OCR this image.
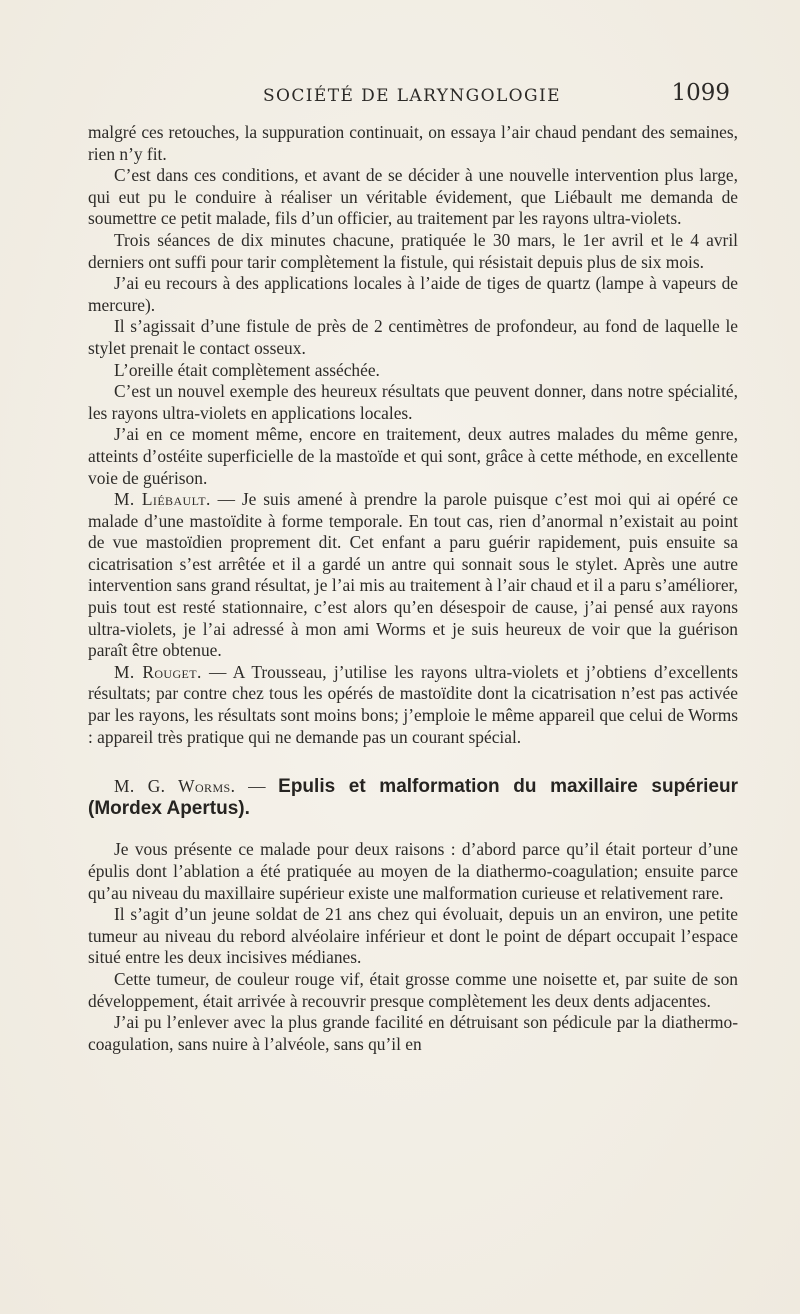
SOCIÉTÉ DE LARYNGOLOGIE	1099

malgré ces retouches, la suppuration continuait, on essaya l’air chaud pendant des semaines, rien n’y fit.

C’est dans ces conditions, et avant de se décider à une nouvelle intervention plus large, qui eut pu le conduire à réaliser un véritable évidement, que Liébault me demanda de soumettre ce petit malade, fils d’un officier, au traitement par les rayons ultra-violets.

Trois séances de dix minutes chacune, pratiquée le 30 mars, le 1er avril et le 4 avril derniers ont suffi pour tarir complètement la fistule, qui résistait depuis plus de six mois.

J’ai eu recours à des applications locales à l’aide de tiges de quartz (lampe à vapeurs de mercure).

Il s’agissait d’une fistule de près de 2 centimètres de profondeur, au fond de laquelle le stylet prenait le contact osseux.

L’oreille était complètement asséchée.

C’est un nouvel exemple des heureux résultats que peuvent donner, dans notre spécialité, les rayons ultra-violets en applications locales.

J’ai en ce moment même, encore en traitement, deux autres malades du même genre, atteints d’ostéite superficielle de la mastoïde et qui sont, grâce à cette méthode, en excellente voie de guérison.

M. Liébault. — Je suis amené à prendre la parole puisque c’est moi qui ai opéré ce malade d’une mastoïdite à forme temporale. En tout cas, rien d’anormal n’existait au point de vue mastoïdien proprement dit. Cet enfant a paru guérir rapidement, puis ensuite sa cicatrisation s’est arrêtée et il a gardé un antre qui sonnait sous le stylet. Après une autre intervention sans grand résultat, je l’ai mis au traitement à l’air chaud et il a paru s’améliorer, puis tout est resté stationnaire, c’est alors qu’en désespoir de cause, j’ai pensé aux rayons ultra-violets, je l’ai adressé à mon ami Worms et je suis heureux de voir que la guérison paraît être obtenue.

M. Rouget. — A Trousseau, j’utilise les rayons ultra-violets et j’obtiens d’excellents résultats; par contre chez tous les opérés de mastoïdite dont la cicatrisation n’est pas activée par les rayons, les résultats sont moins bons; j’emploie le même appareil que celui de Worms : appareil très pratique qui ne demande pas un courant spécial.

M. G. Worms. — Epulis et malformation du maxillaire supérieur (Mordex Apertus).

Je vous présente ce malade pour deux raisons : d’abord parce qu’il était porteur d’une épulis dont l’ablation a été pratiquée au moyen de la diathermo-coagulation; ensuite parce qu’au niveau du maxillaire supérieur existe une malformation curieuse et relativement rare.

Il s’agit d’un jeune soldat de 21 ans chez qui évoluait, depuis un an environ, une petite tumeur au niveau du rebord alvéolaire inférieur et dont le point de départ occupait l’espace situé entre les deux incisives médianes.

Cette tumeur, de couleur rouge vif, était grosse comme une noisette et, par suite de son développement, était arrivée à recouvrir presque complètement les deux dents adjacentes.

J’ai pu l’enlever avec la plus grande facilité en détruisant son pédicule par la diathermo-coagulation, sans nuire à l’alvéole, sans qu’il en
